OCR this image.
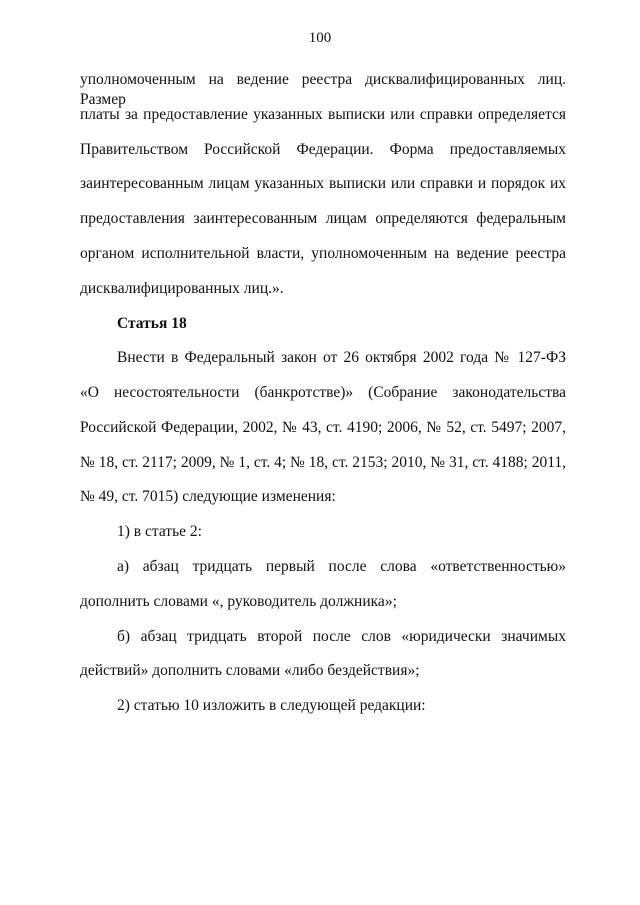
100
уполномоченным на ведение реестра дисквалифицированных лиц. Размер
платы за предоставление указанных выписки или справки определяется
Правительством Российской Федерации. Форма предоставляемых
заинтересованным лицам указанных выписки или справки и порядок их
предоставления заинтересованным лицам определяются федеральным
органом исполнительной власти, уполномоченным на ведение реестра
дисквалифицированных лиц.».
Статья 18
Внести в Федеральный закон от 26 октября 2002 года № 127-ФЗ
«О несостоятельности (банкротстве)» (Собрание законодательства
Российской Федерации, 2002, № 43, ст. 4190; 2006, № 52, ст. 5497; 2007,
№ 18, ст. 2117; 2009, № 1, ст. 4; № 18, ст. 2153; 2010, № 31, ст. 4188; 2011,
№ 49, ст. 7015) следующие изменения:
1) в статье 2:
а) абзац тридцать первый после слова «ответственностью»
дополнить словами «, руководитель должника»;
б) абзац тридцать второй после слов «юридически значимых
действий» дополнить словами «либо бездействия»;
2) статью 10 изложить в следующей редакции:
